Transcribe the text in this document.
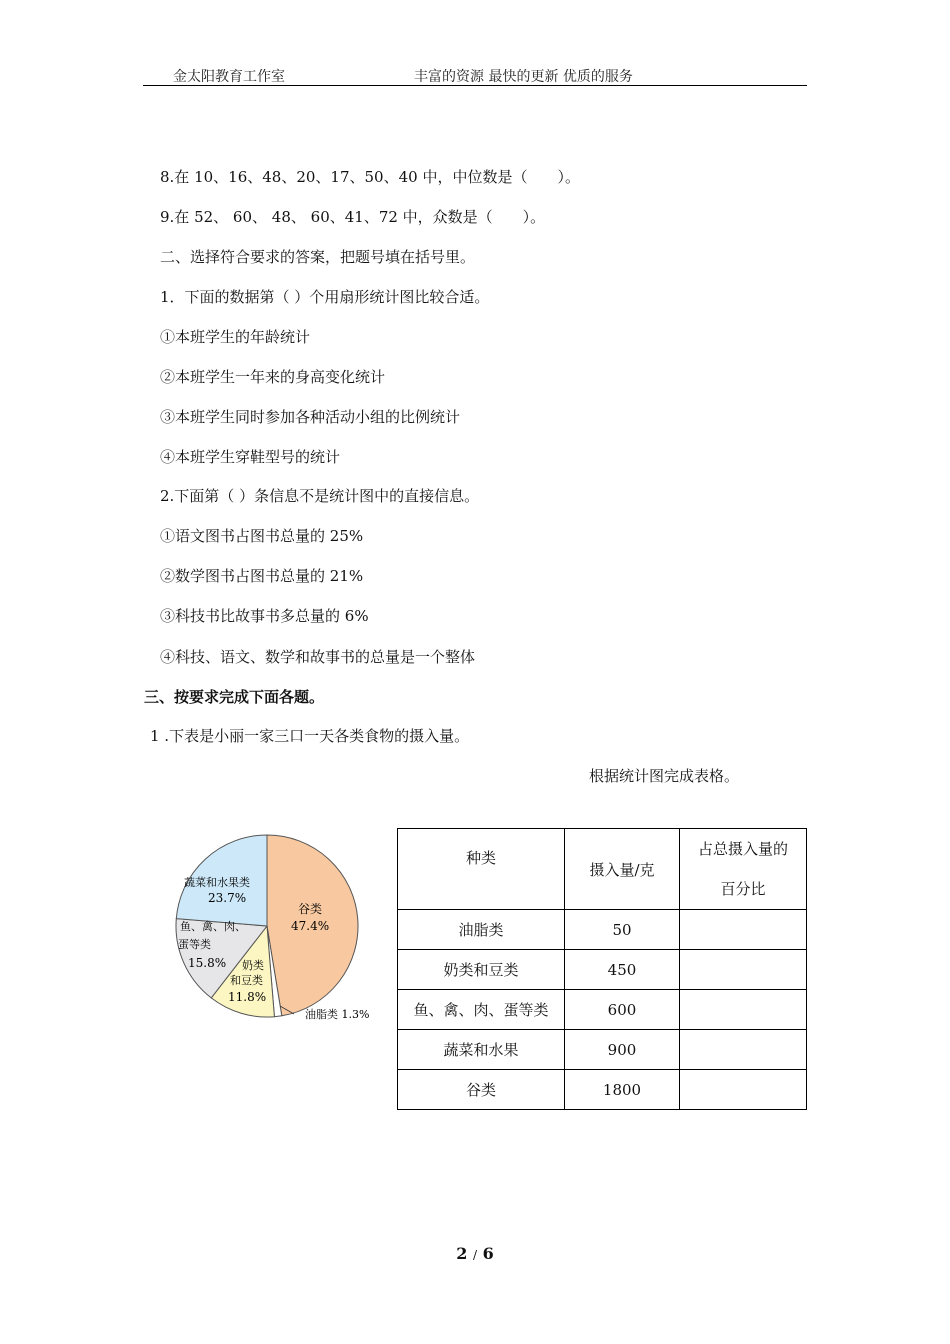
金太阳教育工作室	丰富的资源 最快的更新 优质的服务
8.在 10、16、48、20、17、50、40 中，中位数是（　　）。
9.在 52、 60、 48、 60、41、72 中，众数是（　　）。
二、选择符合要求的答案，把题号填在括号里。
1．下面的数据第（ ）个用扇形统计图比较合适。
①本班学生的年龄统计
②本班学生一年来的身高变化统计
③本班学生同时参加各种活动小组的比例统计
④本班学生穿鞋型号的统计
2.下面第（ ）条信息不是统计图中的直接信息。
①语文图书占图书总量的 25%
②数学图书占图书总量的 21%
③科技书比故事书多总量的 6%
④科技、语文、数学和故事书的总量是一个整体
三、按要求完成下面各题。
1 .下表是小丽一家三口一天各类食物的摄入量。
根据统计图完成表格。
谷类
47.4%
蔬菜和水果类
23.7%
鱼、禽、肉、
蛋等类
15.8% 奶类
和豆类
11.8%
油脂类 1.3%
种类	摄入量/克	占总摄入量的
百分比

油脂类	50	
奶类和豆类	450	
鱼、禽、肉、蛋等类	600	
蔬菜和水果	900	
谷类	1800	
2 / 6
